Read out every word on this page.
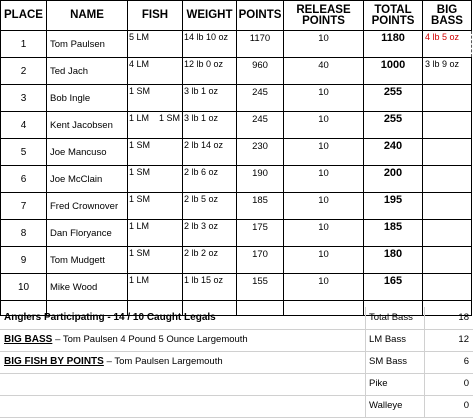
PLACE	NAME	FISH	WEIGHT	POINTS	RELEASE POINTS	TOTAL POINTS	BIG BASS
1	Tom Paulsen	5 LM	14 lb 10 oz	1170	10	1180	4 lb 5 oz
2	Ted Jach	4 LM	12 lb 0 oz	960	40	1000	3 lb 9 oz
3	Bob Ingle	1 SM	3 lb 1 oz	245	10	255	
4	Kent Jacobsen	1 LM    1 SM	3 lb 1 oz	245	10	255	
5	Joe Mancuso	1 SM	2 lb 14 oz	230	10	240	
6	Joe McClain	1 SM	2 lb 6 oz	190	10	200	
7	Fred Crownover	1 SM	2 lb 5 oz	185	10	195	
8	Dan Floryance	1 LM	2 lb 3 oz	175	10	185	
9	Tom Mudgett	1 SM	2 lb 2 oz	170	10	180	
10	Mike Wood	1 LM	1 lb 15 oz	155	10	165	

Anglers Participating - 14 / 10 Caught Legals	Total Bass	18
BIG BASS – Tom Paulsen 4 Pound 5 Ounce Largemouth	LM Bass	12
BIG FISH BY POINTS – Tom Paulsen Largemouth	SM Bass	6
Pike	0
Walleye	0
